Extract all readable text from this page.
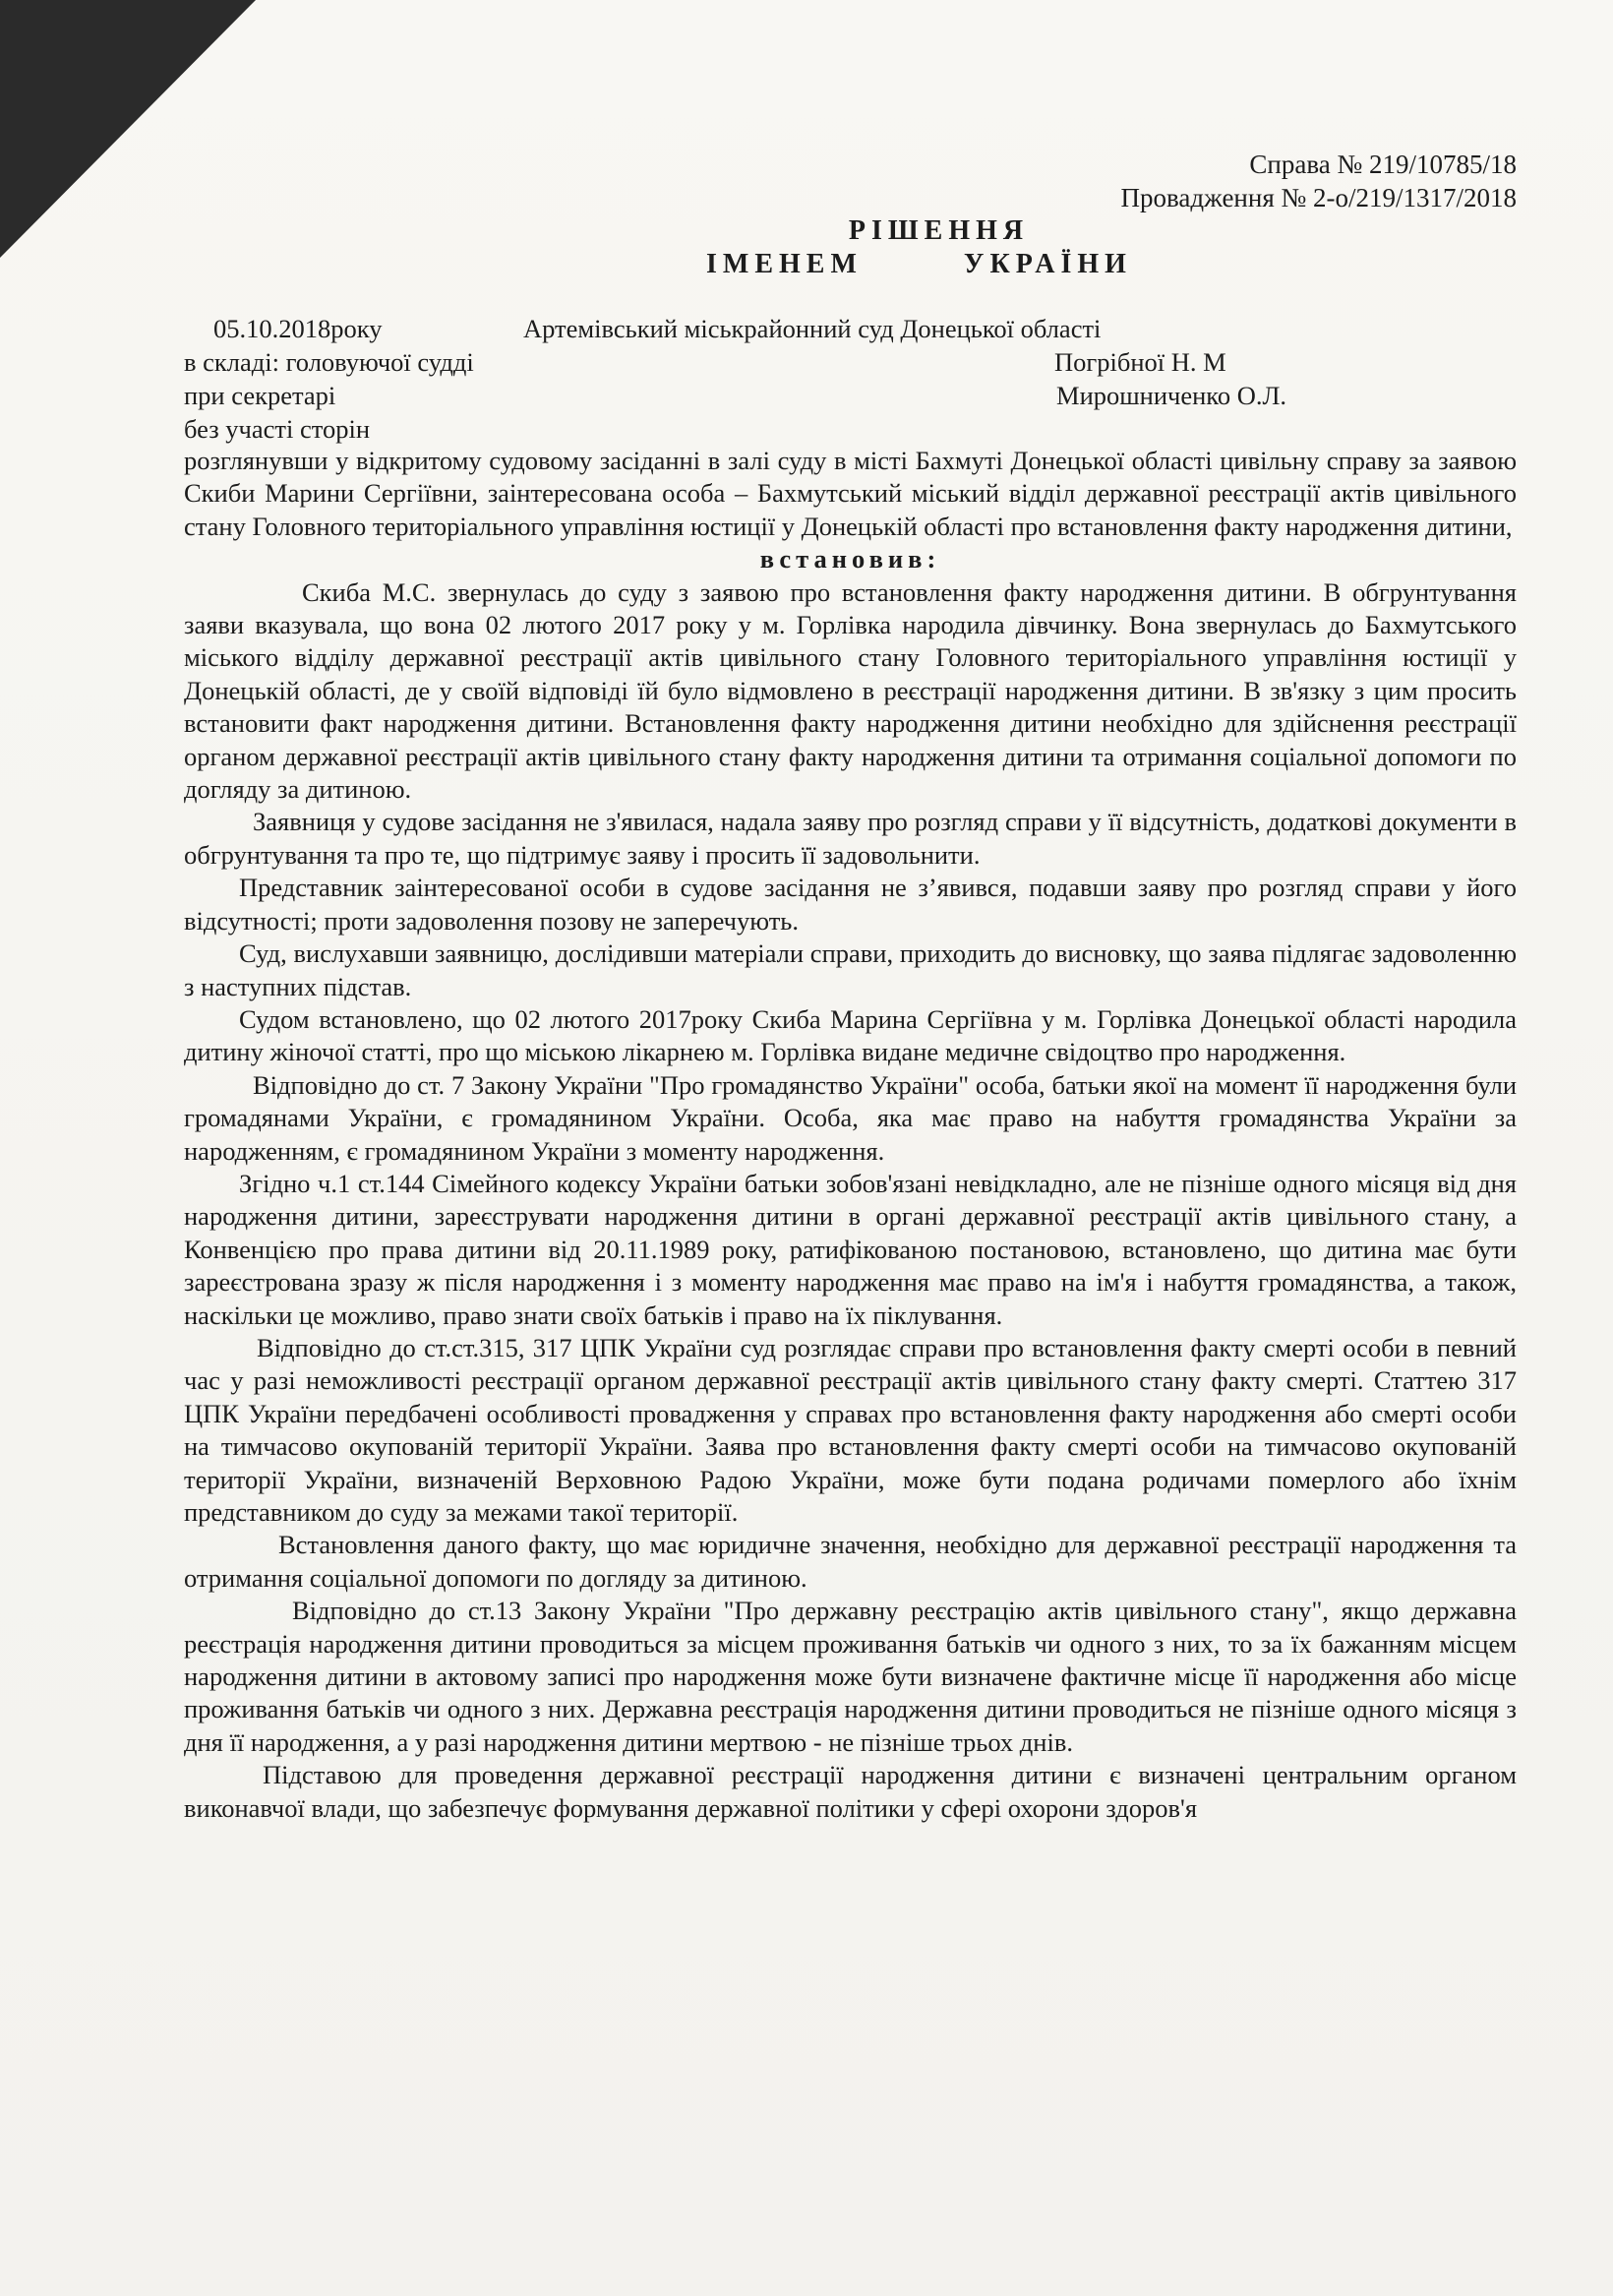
Справа № 219/10785/18
Провадження № 2-о/219/1317/2018
РІШЕННЯ
ІМЕНЕМ	УКРАЇНИ
05.10.2018року	Артемівський міськрайонний суд Донецької області
в складі: головуючої судді	Погрібної Н. М
при секретарі	Мирошниченко О.Л.
без участі сторін

розглянувши у відкритому судовому засіданні в залі суду в місті Бахмуті Донецької області цивільну справу за заявою Скиби Марини Сергіївни, заінтересована особа – Бахмутський міський відділ державної реєстрації актів цивільного стану Головного територіального управління юстиції у Донецькій області про встановлення факту народження дитини,

встановив:

Скиба М.С. звернулась до суду з заявою про встановлення факту народження дитини. В обгрунтування заяви вказувала, що вона 02 лютого 2017 року у м. Горлівка народила дівчинку. Вона звернулась до Бахмутського міського відділу державної реєстрації актів цивільного стану Головного територіального управління юстиції у Донецькій області, де у своїй відповіді їй було відмовлено в реєстрації народження дитини. В зв'язку з цим просить встановити факт народження дитини. Встановлення факту народження дитини необхідно для здійснення реєстрації органом державної реєстрації актів цивільного стану факту народження дитини та отримання соціальної допомоги по догляду за дитиною.

Заявниця у судове засідання не з'явилася, надала заяву про розгляд справи у її відсутність, додаткові документи в обгрунтування та про те, що підтримує заяву і просить її задовольнити.

Представник заінтересованої особи в судове засідання не з’явився, подавши заяву про розгляд справи у його відсутності; проти задоволення позову не заперечують.

Суд, вислухавши заявницю, дослідивши матеріали справи, приходить до висновку, що заява підлягає задоволенню з наступних підстав.

Судом встановлено, що 02 лютого 2017року Скиба Марина Сергіївна у м. Горлівка Донецької області народила дитину жіночої статті, про що міською лікарнею м. Горлівка видане медичне свідоцтво про народження.

Відповідно до ст. 7 Закону України "Про громадянство України" особа, батьки якої на момент її народження були громадянами України, є громадянином України. Особа, яка має право на набуття громадянства України за народженням, є громадянином України з моменту народження.

Згідно ч.1 ст.144 Сімейного кодексу України батьки зобов'язані невідкладно, але не пізніше одного місяця від дня народження дитини, зареєструвати народження дитини в органі державної реєстрації актів цивільного стану, а Конвенцією про права дитини від 20.11.1989 року, ратифікованою постановою, встановлено, що дитина має бути зареєстрована зразу ж після народження і з моменту народження має право на ім'я і набуття громадянства, а також, наскільки це можливо, право знати своїх батьків і право на їх піклування.

Відповідно до ст.ст.315, 317 ЦПК України суд розглядає справи про встановлення факту смерті особи в певний час у разі неможливості реєстрації органом державної реєстрації актів цивільного стану факту смерті. Статтею 317 ЦПК України передбачені особливості провадження у справах про встановлення факту народження або смерті особи на тимчасово окупованій території України. Заява про встановлення факту смерті особи на тимчасово окупованій території України, визначеній Верховною Радою України, може бути подана родичами померлого або їхнім представником до суду за межами такої території.

Встановлення даного факту, що має юридичне значення, необхідно для державної реєстрації народження та отримання соціальної допомоги по догляду за дитиною.

Відповідно до ст.13 Закону України "Про державну реєстрацію актів цивільного стану", якщо державна реєстрація народження дитини проводиться за місцем проживання батьків чи одного з них, то за їх бажанням місцем народження дитини в актовому записі про народження може бути визначене фактичне місце її народження або місце проживання батьків чи одного з них. Державна реєстрація народження дитини проводиться не пізніше одного місяця з дня її народження, а у разі народження дитини мертвою - не пізніше трьох днів.

Підставою для проведення державної реєстрації народження дитини є визначені центральним органом виконавчої влади, що забезпечує формування державної політики у сфері охорони здоров'я
